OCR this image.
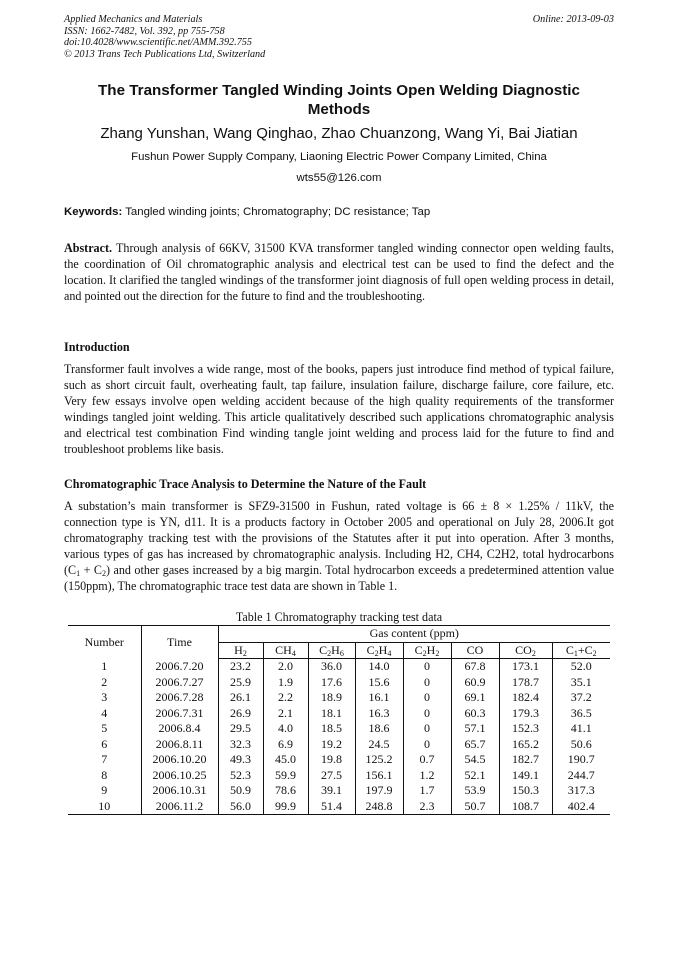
Applied Mechanics and Materials
ISSN: 1662-7482, Vol. 392, pp 755-758
doi:10.4028/www.scientific.net/AMM.392.755
© 2013 Trans Tech Publications Ltd, Switzerland
Online: 2013-09-03
The Transformer Tangled Winding Joints Open Welding Diagnostic
Methods
Zhang Yunshan, Wang Qinghao, Zhao Chuanzong, Wang Yi, Bai Jiatian
Fushun Power Supply Company, Liaoning Electric Power Company Limited, China
wts55@126.com
Keywords: Tangled winding joints; Chromatography; DC resistance; Tap
Abstract. Through analysis of 66KV, 31500 KVA transformer tangled winding connector open welding faults, the coordination of Oil chromatographic analysis and electrical test can be used to find the defect and the location. It clarified the tangled windings of the transformer joint diagnosis of full open welding process in detail, and pointed out the direction for the future to find and the troubleshooting.
Introduction
Transformer fault involves a wide range, most of the books, papers just introduce find method of typical failure, such as short circuit fault, overheating fault, tap failure, insulation failure, discharge failure, core failure, etc. Very few essays involve open welding accident because of the high quality requirements of the transformer windings tangled joint welding. This article qualitatively described such applications chromatographic analysis and electrical test combination Find winding tangle joint welding and process laid for the future to find and troubleshoot problems like basis.
Chromatographic Trace Analysis to Determine the Nature of the Fault
A substation’s main transformer is SFZ9-31500 in Fushun, rated voltage is 66 ± 8 × 1.25% / 11kV, the connection type is YN, d11. It is a products factory in October 2005 and operational on July 28, 2006.It got chromatography tracking test with the provisions of the Statutes after it put into operation. After 3 months, various types of gas has increased by chromatographic analysis. Including H2, CH4, C2H2, total hydrocarbons $(C_1 + C_2)$ and other gases increased by a big margin. Total hydrocarbon exceeds a predetermined attention value (150ppm), The chromatographic trace test data are shown in Table 1.
Table 1 Chromatography tracking test data
Number	Time	Gas content (ppm)							
		$H_2$	$CH_4$	$C_2H_6$	$C_2H_4$	$C_2H_2$	CO	$CO_2$	$C_1+C_2$
1	2006.7.20	23.2	2.0	36.0	14.0	0	67.8	173.1	52.0
2	2006.7.27	25.9	1.9	17.6	15.6	0	60.9	178.7	35.1
3	2006.7.28	26.1	2.2	18.9	16.1	0	69.1	182.4	37.2
4	2006.7.31	26.9	2.1	18.1	16.3	0	60.3	179.3	36.5
5	2006.8.4	29.5	4.0	18.5	18.6	0	57.1	152.3	41.1
6	2006.8.11	32.3	6.9	19.2	24.5	0	65.7	165.2	50.6
7	2006.10.20	49.3	45.0	19.8	125.2	0.7	54.5	182.7	190.7
8	2006.10.25	52.3	59.9	27.5	156.1	1.2	52.1	149.1	244.7
9	2006.10.31	50.9	78.6	39.1	197.9	1.7	53.9	150.3	317.3
10	2006.11.2	56.0	99.9	51.4	248.8	2.3	50.7	108.7	402.4
